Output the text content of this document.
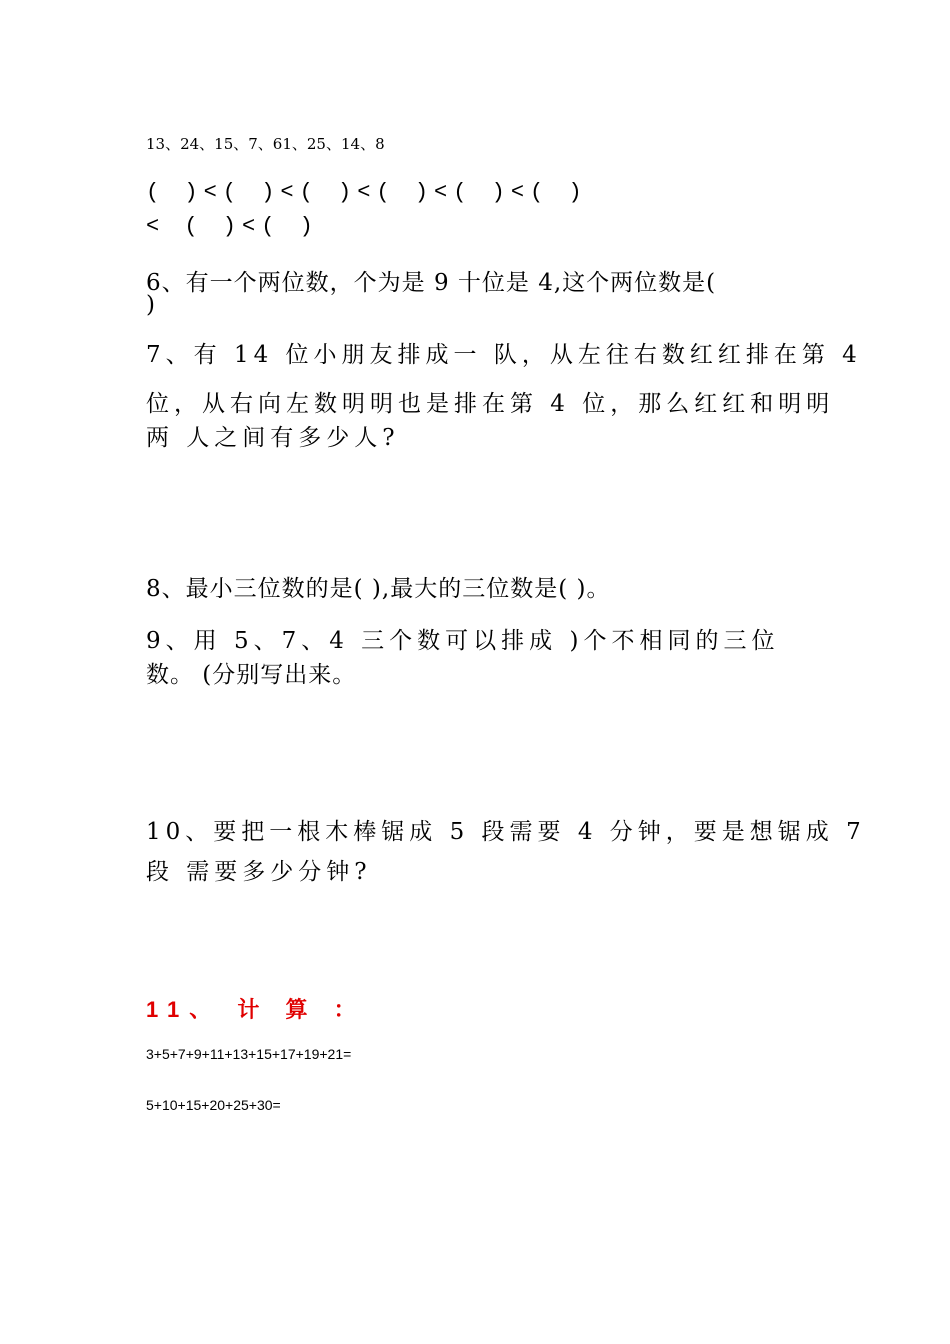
13、24、15、7、61、25、14、8
( )<( )<( )<( )<( )<( )
< ( )<( )
6、有一个两位数，个为是 9 十位是 4,这个两位数是(
)
7、有 14 位小朋友排成一 队，从左往右数红红排在第 4
位，从右向左数明明也是排在第 4 位，那么红红和明明
两 人之间有多少人?
8、最小三位数的是( ),最大的三位数是( )。
9、用 5、7、4 三个数可以排成 )个不相同的三位
数。 (分别写出来。
10、要把一根木棒锯成 5 段需要 4 分钟，要是想锯成 7
段 需要多少分钟?
11、 计 算 ：
3+5+7+9+11+13+15+17+19+21=
5+10+15+20+25+30=
